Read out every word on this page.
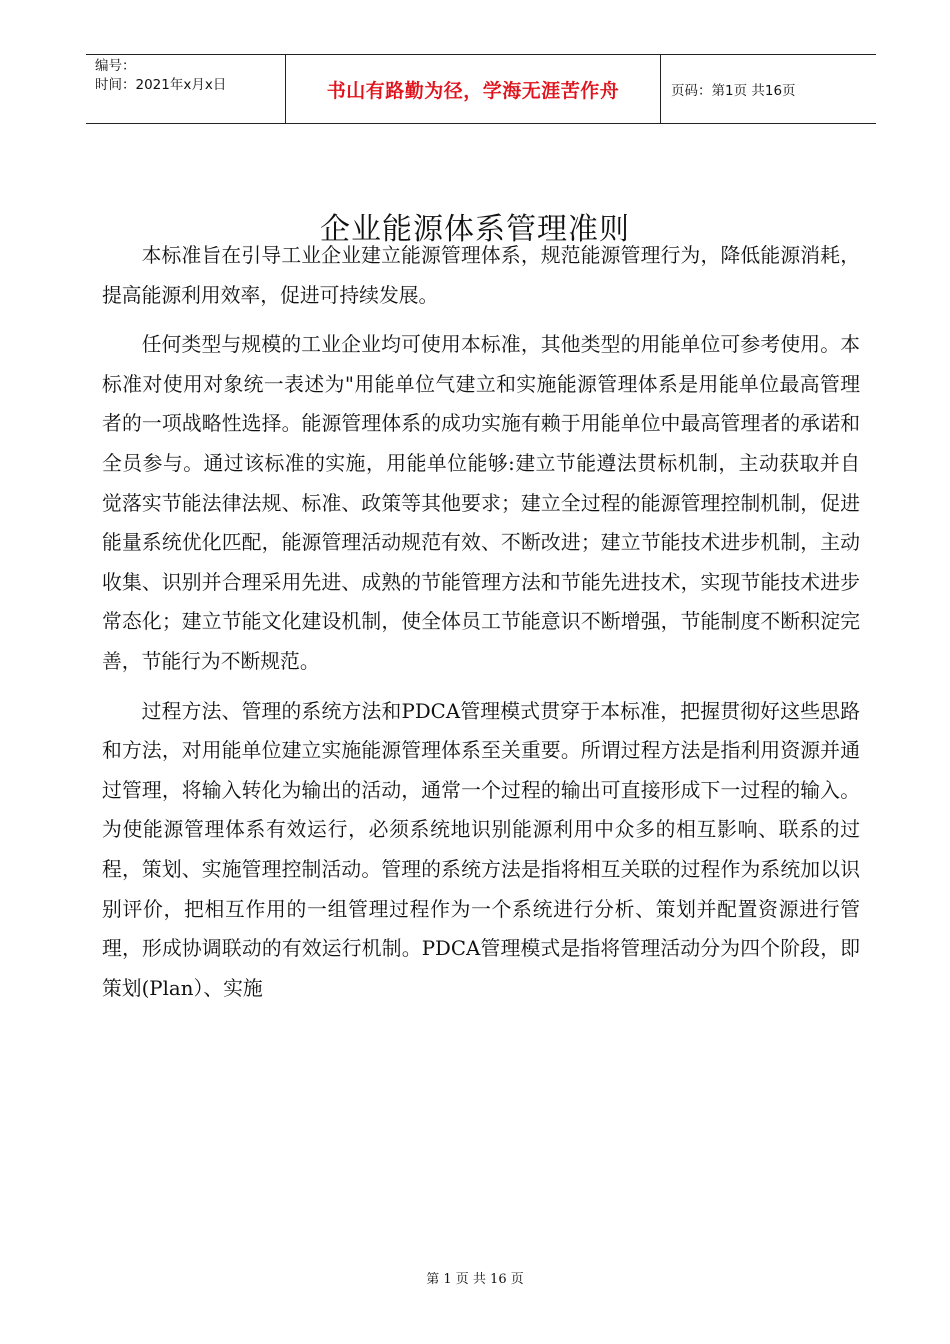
编号：
时间：2021年x月x日	书山有路勤为径，学海无涯苦作舟	页码：第1页 共16页
企业能源体系管理准则

本标准旨在引导工业企业建立能源管理体系，规范能源管理行为，降低能源消耗，提高能源利用效率，促进可持续发展。

任何类型与规模的工业企业均可使用本标准，其他类型的用能单位可参考使用。本标准对使用对象统一表述为"用能单位气建立和实施能源管理体系是用能单位最高管理者的一项战略性选择。能源管理体系的成功实施有赖于用能单位中最高管理者的承诺和全员参与。通过该标准的实施，用能单位能够:建立节能遵法贯标机制，主动获取并自觉落实节能法律法规、标准、政策等其他要求；建立全过程的能源管理控制机制，促进能量系统优化匹配，能源管理活动规范有效、不断改进；建立节能技术进步机制，主动收集、识别并合理采用先进、成熟的节能管理方法和节能先进技术，实现节能技术进步常态化；建立节能文化建设机制，使全体员工节能意识不断增强，节能制度不断积淀完善，节能行为不断规范。

过程方法、管理的系统方法和PDCA管理模式贯穿于本标准，把握贯彻好这些思路和方法，对用能单位建立实施能源管理体系至关重要。所谓过程方法是指利用资源并通过管理，将输入转化为输出的活动，通常一个过程的输出可直接形成下一过程的输入。为使能源管理体系有效运行，必须系统地识别能源利用中众多的相互影响、联系的过程，策划、实施管理控制活动。管理的系统方法是指将相互关联的过程作为系统加以识别评价，把相互作用的一组管理过程作为一个系统进行分析、策划并配置资源进行管理，形成协调联动的有效运行机制。PDCA管理模式是指将管理活动分为四个阶段，即策划(Plan）、实施

第 1 页 共 16 页
